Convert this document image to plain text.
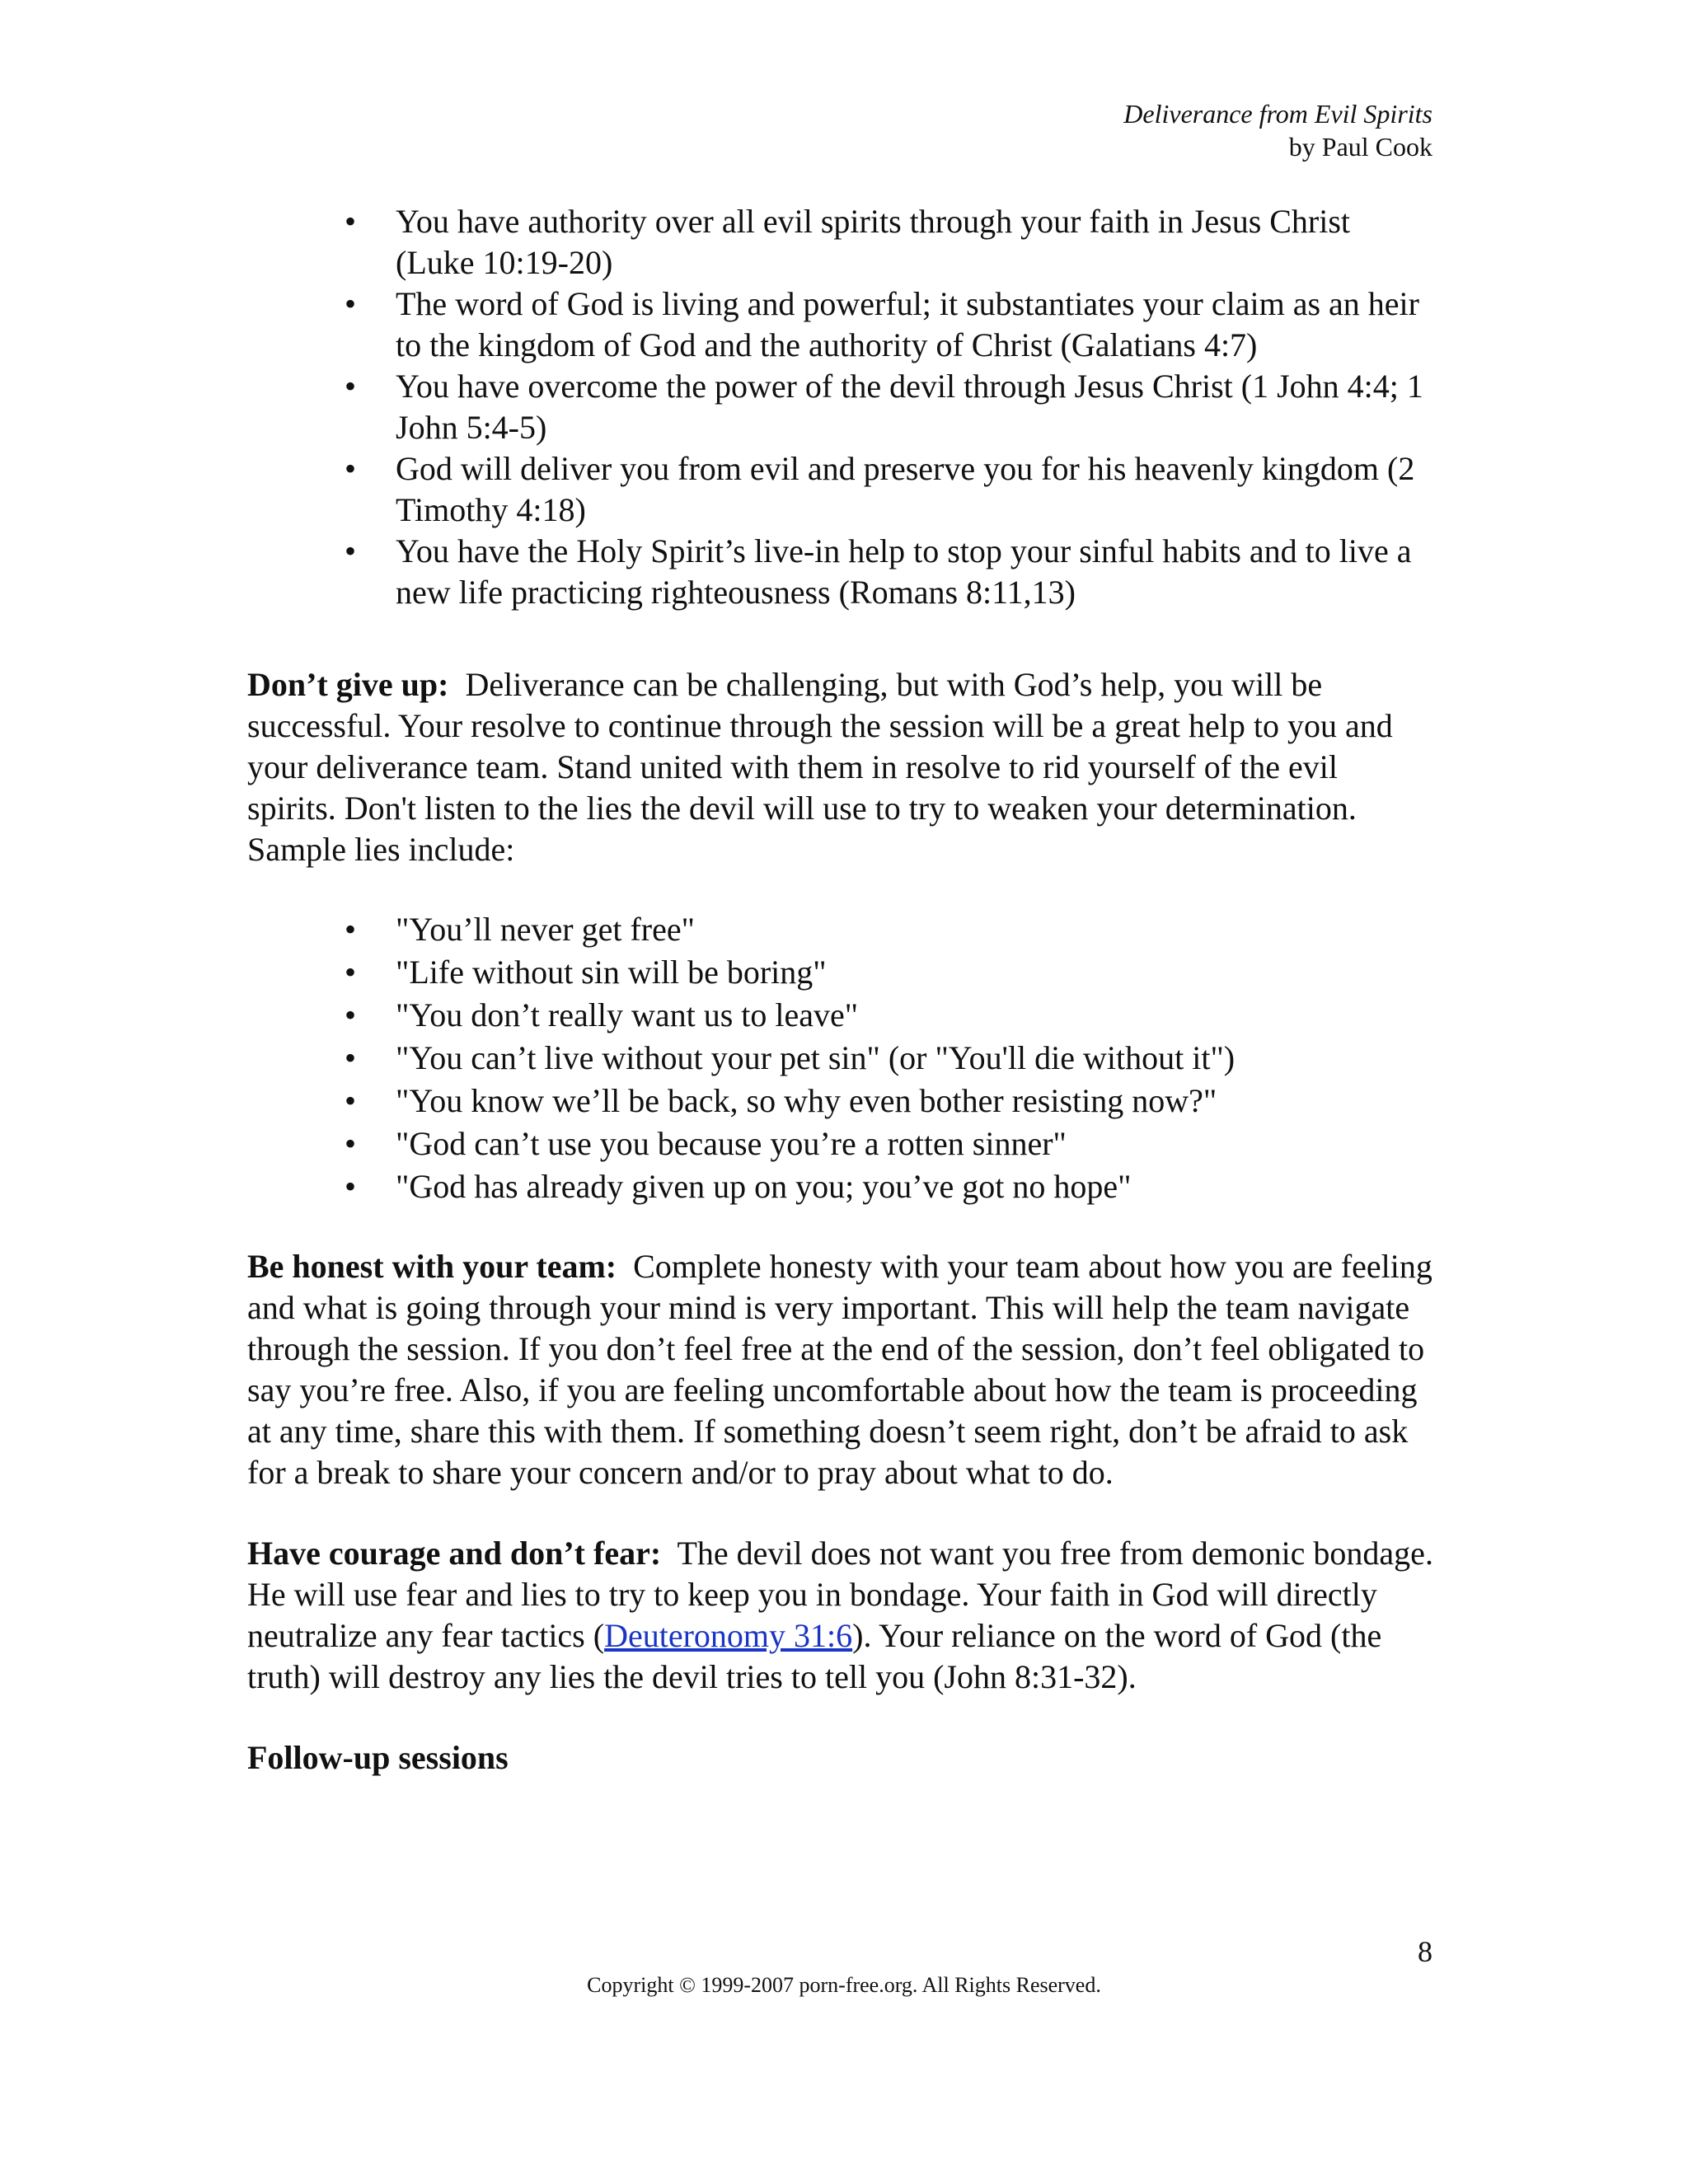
Deliverance from Evil Spirits
by Paul Cook
• You have authority over all evil spirits through your faith in Jesus Christ (Luke 10:19-20)
• The word of God is living and powerful; it substantiates your claim as an heir to the kingdom of God and the authority of Christ (Galatians 4:7)
• You have overcome the power of the devil through Jesus Christ (1 John 4:4; 1 John 5:4-5)
• God will deliver you from evil and preserve you for his heavenly kingdom (2 Timothy 4:18)
• You have the Holy Spirit’s live-in help to stop your sinful habits and to live a new life practicing righteousness (Romans 8:11,13)

Don’t give up: Deliverance can be challenging, but with God’s help, you will be successful. Your resolve to continue through the session will be a great help to you and your deliverance team. Stand united with them in resolve to rid yourself of the evil spirits. Don't listen to the lies the devil will use to try to weaken your determination. Sample lies include:

• "You’ll never get free"
• "Life without sin will be boring"
• "You don’t really want us to leave"
• "You can’t live without your pet sin" (or "You'll die without it")
• "You know we’ll be back, so why even bother resisting now?"
• "God can’t use you because you’re a rotten sinner"
• "God has already given up on you; you’ve got no hope"

Be honest with your team: Complete honesty with your team about how you are feeling and what is going through your mind is very important. This will help the team navigate through the session. If you don’t feel free at the end of the session, don’t feel obligated to say you’re free. Also, if you are feeling uncomfortable about how the team is proceeding at any time, share this with them. If something doesn’t seem right, don’t be afraid to ask for a break to share your concern and/or to pray about what to do.

Have courage and don’t fear: The devil does not want you free from demonic bondage. He will use fear and lies to try to keep you in bondage. Your faith in God will directly neutralize any fear tactics (Deuteronomy 31:6). Your reliance on the word of God (the truth) will destroy any lies the devil tries to tell you (John 8:31-32).

Follow-up sessions

8
Copyright © 1999-2007 porn-free.org. All Rights Reserved.
